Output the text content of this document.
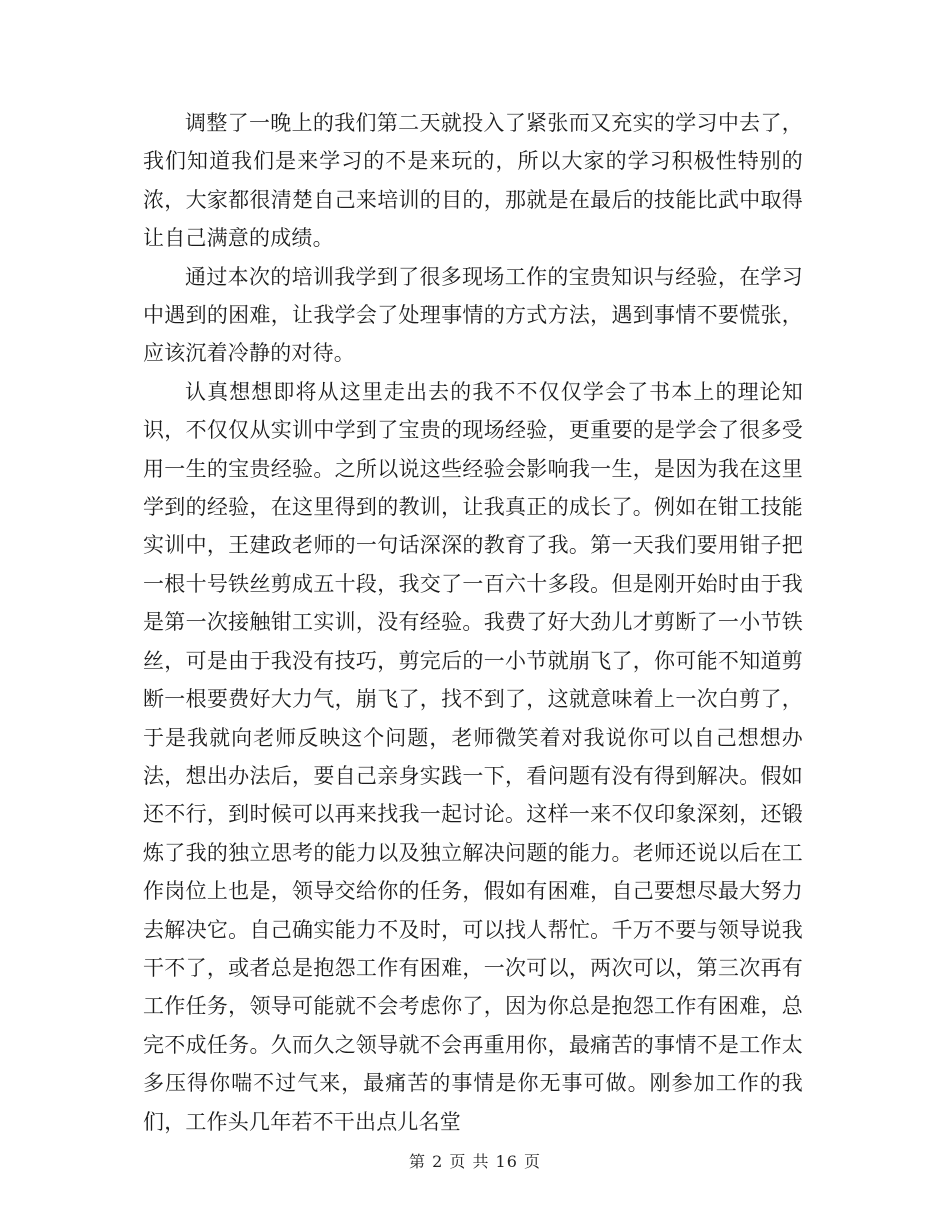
调整了一晚上的我们第二天就投入了紧张而又充实的学习中去了，我们知道我们是来学习的不是来玩的，所以大家的学习积极性特别的浓，大家都很清楚自己来培训的目的，那就是在最后的技能比武中取得让自己满意的成绩。

通过本次的培训我学到了很多现场工作的宝贵知识与经验，在学习中遇到的困难，让我学会了处理事情的方式方法，遇到事情不要慌张，应该沉着冷静的对待。

认真想想即将从这里走出去的我不不仅仅学会了书本上的理论知识，不仅仅从实训中学到了宝贵的现场经验，更重要的是学会了很多受用一生的宝贵经验。之所以说这些经验会影响我一生，是因为我在这里学到的经验，在这里得到的教训，让我真正的成长了。例如在钳工技能实训中，王建政老师的一句话深深的教育了我。第一天我们要用钳子把一根十号铁丝剪成五十段，我交了一百六十多段。但是刚开始时由于我是第一次接触钳工实训，没有经验。我费了好大劲儿才剪断了一小节铁丝，可是由于我没有技巧，剪完后的一小节就崩飞了，你可能不知道剪断一根要费好大力气，崩飞了，找不到了，这就意味着上一次白剪了，于是我就向老师反映这个问题，老师微笑着对我说你可以自己想想办法，想出办法后，要自己亲身实践一下，看问题有没有得到解决。假如还不行，到时候可以再来找我一起讨论。这样一来不仅印象深刻，还锻炼了我的独立思考的能力以及独立解决问题的能力。老师还说以后在工作岗位上也是，领导交给你的任务，假如有困难，自己要想尽最大努力去解决它。自己确实能力不及时，可以找人帮忙。千万不要与领导说我干不了，或者总是抱怨工作有困难，一次可以，两次可以，第三次再有工作任务，领导可能就不会考虑你了，因为你总是抱怨工作有困难，总完不成任务。久而久之领导就不会再重用你，最痛苦的事情不是工作太多压得你喘不过气来，最痛苦的事情是你无事可做。刚参加工作的我们，工作头几年若不干出点儿名堂

第 2 页 共 16 页
